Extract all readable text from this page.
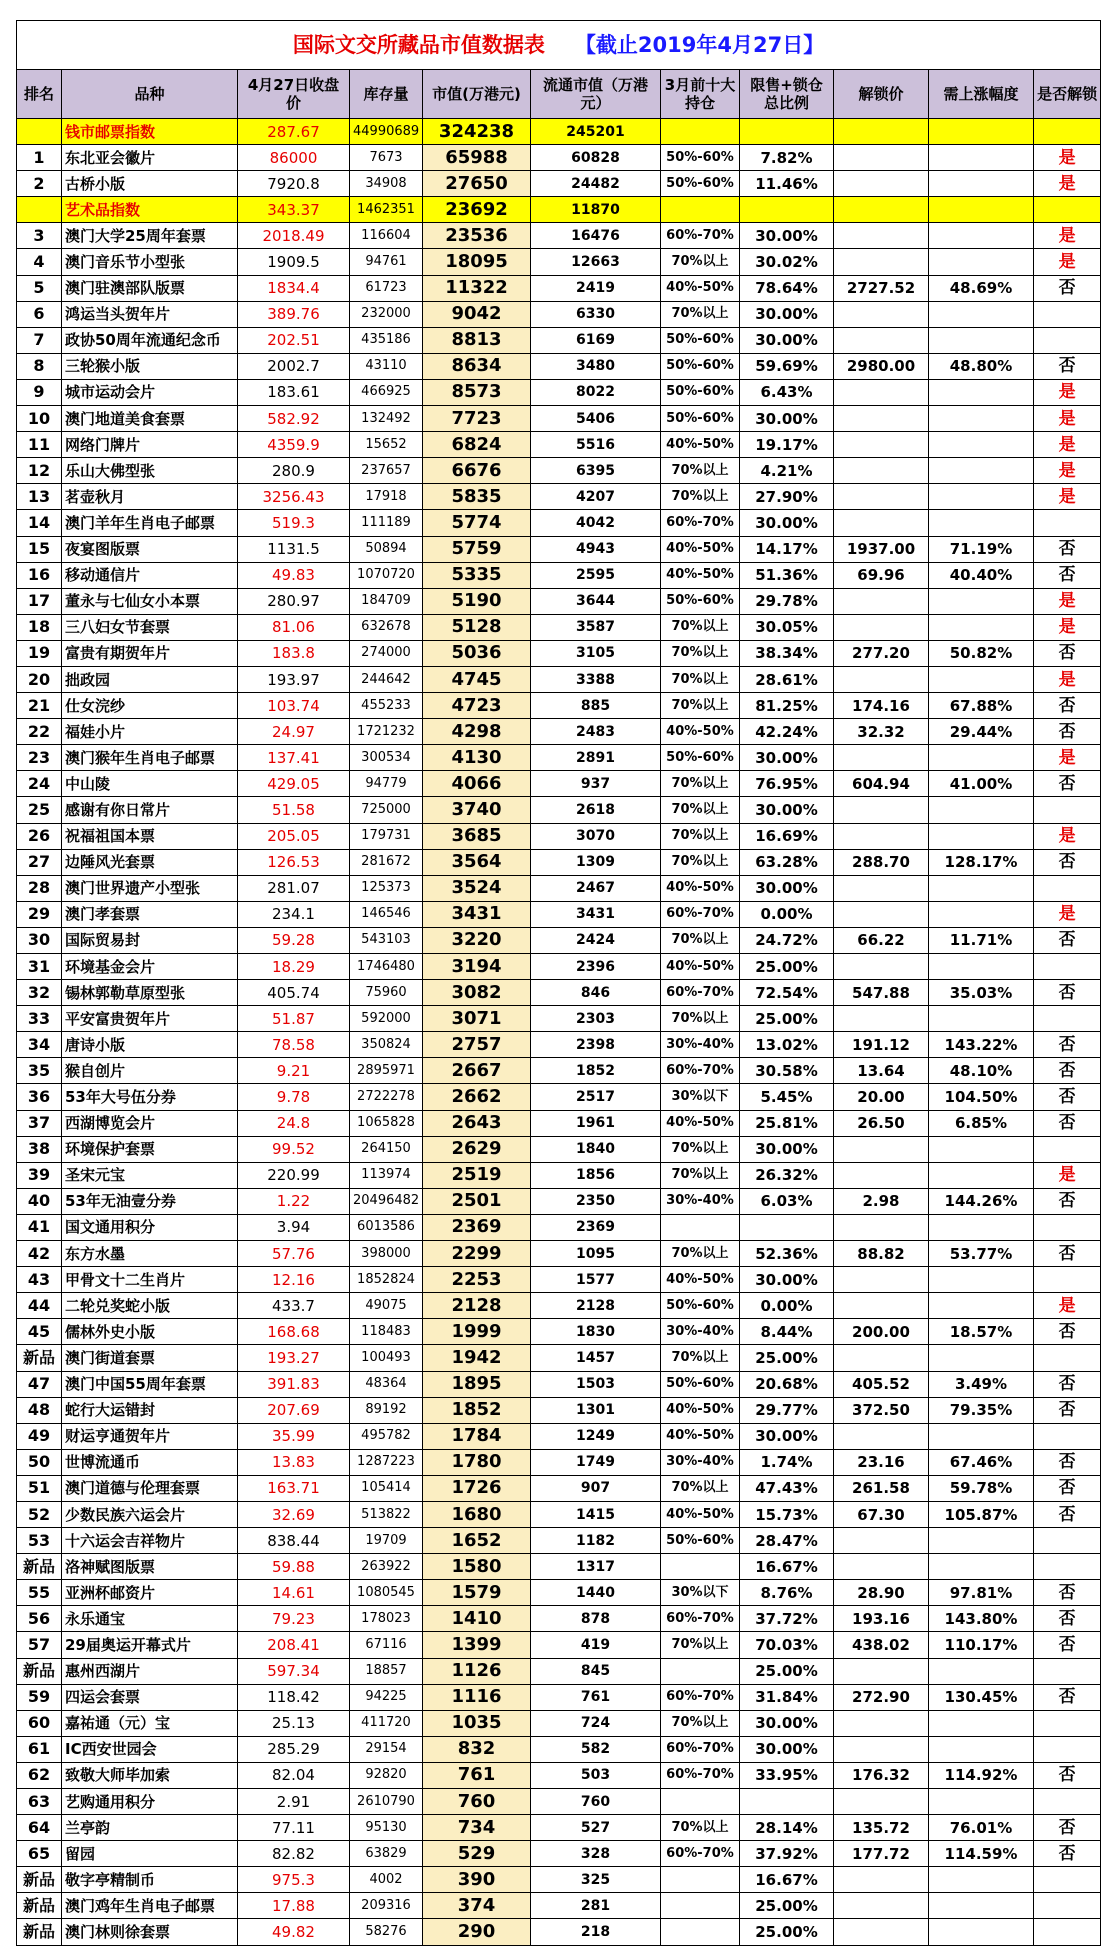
国际文交所藏品市值数据表 【截止2019年4月27日】										
排名	品种	4月27日收盘价	库存量	市值(万港元)	流通市值（万港元）	3月前十大持仓	限售+锁仓总比例	解锁价	需上涨幅度	是否解锁
	钱市邮票指数	287.67	44990689	324238	245201					
1	东北亚会徽片	86000	7673	65988	60828	50%-60%	7.82%			是
2	古桥小版	7920.8	34908	27650	24482	50%-60%	11.46%			是
	艺术品指数	343.37	1462351	23692	11870					
3	澳门大学25周年套票	2018.49	116604	23536	16476	60%-70%	30.00%			是
4	澳门音乐节小型张	1909.5	94761	18095	12663	70%以上	30.02%			是
5	澳门驻澳部队版票	1834.4	61723	11322	2419	40%-50%	78.64%	2727.52	48.69%	否
6	鸿运当头贺年片	389.76	232000	9042	6330	70%以上	30.00%			
7	政协50周年流通纪念币	202.51	435186	8813	6169	50%-60%	30.00%			
8	三轮猴小版	2002.7	43110	8634	3480	50%-60%	59.69%	2980.00	48.80%	否
9	城市运动会片	183.61	466925	8573	8022	50%-60%	6.43%			是
10	澳门地道美食套票	582.92	132492	7723	5406	50%-60%	30.00%			是
11	网络门牌片	4359.9	15652	6824	5516	40%-50%	19.17%			是
12	乐山大佛型张	280.9	237657	6676	6395	70%以上	4.21%			是
13	茗壶秋月	3256.43	17918	5835	4207	70%以上	27.90%			是
14	澳门羊年生肖电子邮票	519.3	111189	5774	4042	60%-70%	30.00%			
15	夜宴图版票	1131.5	50894	5759	4943	40%-50%	14.17%	1937.00	71.19%	否
16	移动通信片	49.83	1070720	5335	2595	40%-50%	51.36%	69.96	40.40%	否
17	董永与七仙女小本票	280.97	184709	5190	3644	50%-60%	29.78%			是
18	三八妇女节套票	81.06	632678	5128	3587	70%以上	30.05%			是
19	富贵有期贺年片	183.8	274000	5036	3105	70%以上	38.34%	277.20	50.82%	否
20	拙政园	193.97	244642	4745	3388	70%以上	28.61%			是
21	仕女浣纱	103.74	455233	4723	885	70%以上	81.25%	174.16	67.88%	否
22	福娃小片	24.97	1721232	4298	2483	40%-50%	42.24%	32.32	29.44%	否
23	澳门猴年生肖电子邮票	137.41	300534	4130	2891	50%-60%	30.00%			是
24	中山陵	429.05	94779	4066	937	70%以上	76.95%	604.94	41.00%	否
25	感谢有你日常片	51.58	725000	3740	2618	70%以上	30.00%			
26	祝福祖国本票	205.05	179731	3685	3070	70%以上	16.69%			是
27	边陲风光套票	126.53	281672	3564	1309	70%以上	63.28%	288.70	128.17%	否
28	澳门世界遗产小型张	281.07	125373	3524	2467	40%-50%	30.00%			
29	澳门孝套票	234.1	146546	3431	3431	60%-70%	0.00%			是
30	国际贸易封	59.28	543103	3220	2424	70%以上	24.72%	66.22	11.71%	否
31	环境基金会片	18.29	1746480	3194	2396	40%-50%	25.00%			
32	锡林郭勒草原型张	405.74	75960	3082	846	60%-70%	72.54%	547.88	35.03%	否
33	平安富贵贺年片	51.87	592000	3071	2303	70%以上	25.00%			
34	唐诗小版	78.58	350824	2757	2398	30%-40%	13.02%	191.12	143.22%	否
35	猴自创片	9.21	2895971	2667	1852	60%-70%	30.58%	13.64	48.10%	否
36	53年大号伍分券	9.78	2722278	2662	2517	30%以下	5.45%	20.00	104.50%	否
37	西湖博览会片	24.8	1065828	2643	1961	40%-50%	25.81%	26.50	6.85%	否
38	环境保护套票	99.52	264150	2629	1840	70%以上	30.00%			
39	圣宋元宝	220.99	113974	2519	1856	70%以上	26.32%			是
40	53年无油壹分券	1.22	20496482	2501	2350	30%-40%	6.03%	2.98	144.26%	否
41	国文通用积分	3.94	6013586	2369	2369					
42	东方水墨	57.76	398000	2299	1095	70%以上	52.36%	88.82	53.77%	否
43	甲骨文十二生肖片	12.16	1852824	2253	1577	40%-50%	30.00%			
44	二轮兑奖蛇小版	433.7	49075	2128	2128	50%-60%	0.00%			是
45	儒林外史小版	168.68	118483	1999	1830	30%-40%	8.44%	200.00	18.57%	否
新品	澳门街道套票	193.27	100493	1942	1457	70%以上	25.00%			
47	澳门中国55周年套票	391.83	48364	1895	1503	50%-60%	20.68%	405.52	3.49%	否
48	蛇行大运错封	207.69	89192	1852	1301	40%-50%	29.77%	372.50	79.35%	否
49	财运亨通贺年片	35.99	495782	1784	1249	40%-50%	30.00%			
50	世博流通币	13.83	1287223	1780	1749	30%-40%	1.74%	23.16	67.46%	否
51	澳门道德与伦理套票	163.71	105414	1726	907	70%以上	47.43%	261.58	59.78%	否
52	少数民族六运会片	32.69	513822	1680	1415	40%-50%	15.73%	67.30	105.87%	否
53	十六运会吉祥物片	838.44	19709	1652	1182	50%-60%	28.47%			
新品	洛神赋图版票	59.88	263922	1580	1317		16.67%			
55	亚洲杯邮资片	14.61	1080545	1579	1440	30%以下	8.76%	28.90	97.81%	否
56	永乐通宝	79.23	178023	1410	878	60%-70%	37.72%	193.16	143.80%	否
57	29届奥运开幕式片	208.41	67116	1399	419	70%以上	70.03%	438.02	110.17%	否
新品	惠州西湖片	597.34	18857	1126	845		25.00%			
59	四运会套票	118.42	94225	1116	761	60%-70%	31.84%	272.90	130.45%	否
60	嘉祐通（元）宝	25.13	411720	1035	724	70%以上	30.00%			
61	IC西安世园会	285.29	29154	832	582	60%-70%	30.00%			
62	致敬大师毕加索	82.04	92820	761	503	60%-70%	33.95%	176.32	114.92%	否
63	艺购通用积分	2.91	2610790	760	760					
64	兰亭韵	77.11	95130	734	527	70%以上	28.14%	135.72	76.01%	否
65	留园	82.82	63829	529	328	60%-70%	37.92%	177.72	114.59%	否
新品	敬字亭精制币	975.3	4002	390	325		16.67%			
新品	澳门鸡年生肖电子邮票	17.88	209316	374	281		25.00%			
新品	澳门林则徐套票	49.82	58276	290	218		25.00%			
